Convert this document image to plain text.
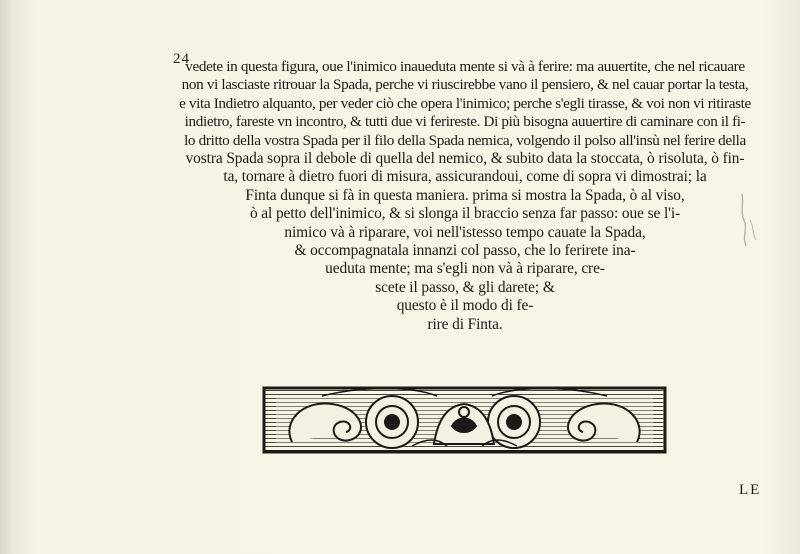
24
vedete in questa figura, oue l'inimico inaueduta mente si và à ferire: ma auuertite, che nel ricauare
non vi lasciaste ritrouar la Spada, perche vi riuscirebbe vano il pensiero, & nel cauar portar la testa,
e vita Indietro alquanto, per veder ciò che opera l'inimico; perche s'egli tirasse, & voi non vi ritiraste
indietro, fareste vn incontro, & tutti due vi ferireste. Di più bisogna auuertire di caminare con il fi-
lo dritto della vostra Spada per il filo della Spada nemica, volgendo il polso all'insù nel ferire della
vostra Spada sopra il debole di quella del nemico, & subito data la stoccata, ò risoluta, ò fin-
ta, tornare à dietro fuori di misura, assicurandoui, come di sopra vi dimostrai; la
Finta dunque si fà in questa maniera. prima si mostra la Spada, ò al viso,
ò al petto dell'inimico, & si slonga il braccio senza far passo: oue se l'i-
nimico và à riparare, voi nell'istesso tempo cauate la Spada,
& occompagnatala innanzi col passo, che lo ferirete ina-
ueduta mente; ma s'egli non và à riparare, cre-
scete il passo, & gli darete; &
questo è il modo di fe-
rire di Finta.
LE
